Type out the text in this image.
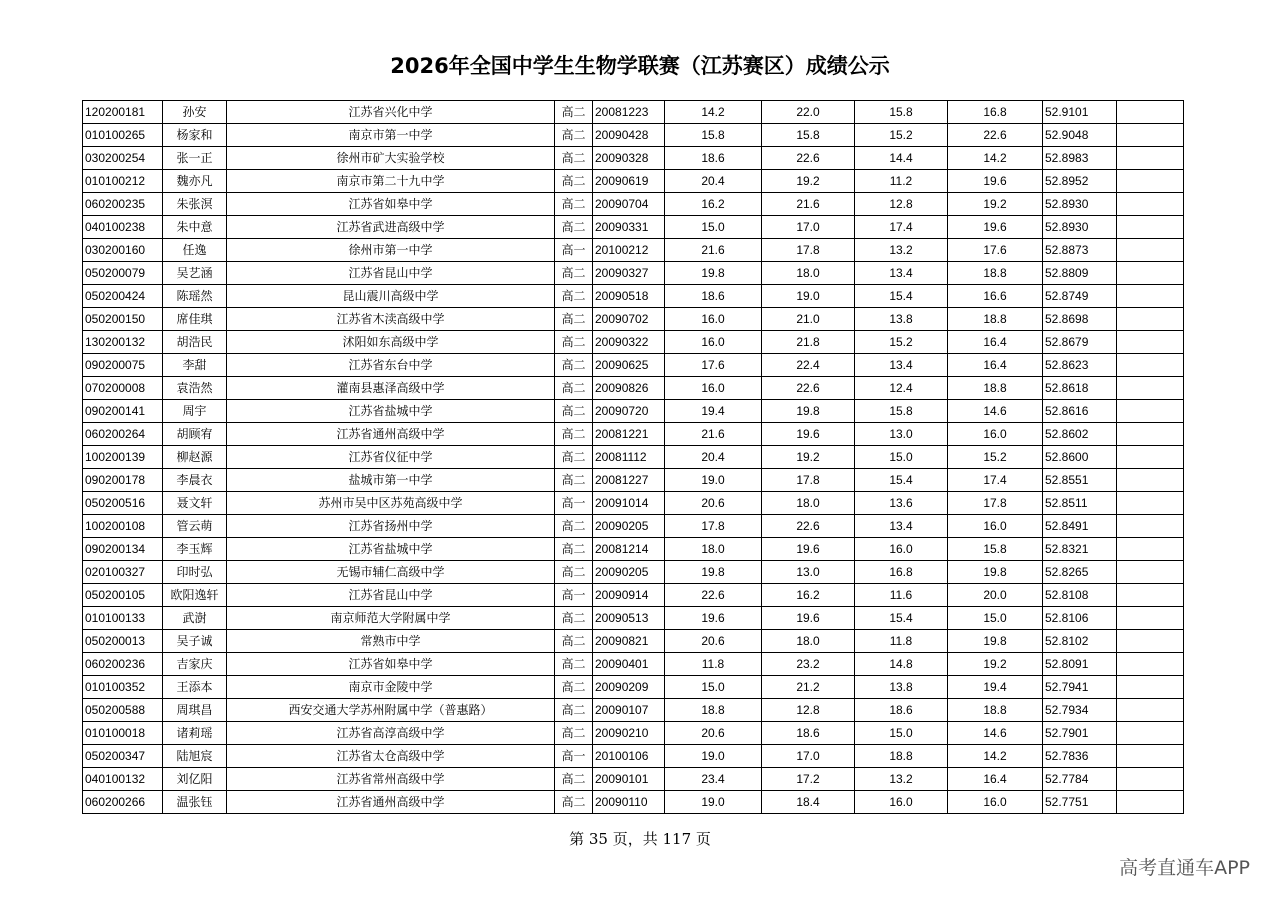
2026年全国中学生生物学联赛（江苏赛区）成绩公示
120200181	孙安	江苏省兴化中学	高二	20081223	14.2	22.0	15.8	16.8	52.9101	
010100265	杨家和	南京市第一中学	高二	20090428	15.8	15.8	15.2	22.6	52.9048	
030200254	张一正	徐州市矿大实验学校	高二	20090328	18.6	22.6	14.4	14.2	52.8983	
010100212	魏亦凡	南京市第二十九中学	高二	20090619	20.4	19.2	11.2	19.6	52.8952	
060200235	朱张溟	江苏省如皋中学	高二	20090704	16.2	21.6	12.8	19.2	52.8930	
040100238	朱中意	江苏省武进高级中学	高二	20090331	15.0	17.0	17.4	19.6	52.8930	
030200160	任逸	徐州市第一中学	高一	20100212	21.6	17.8	13.2	17.6	52.8873	
050200079	吴艺涵	江苏省昆山中学	高二	20090327	19.8	18.0	13.4	18.8	52.8809	
050200424	陈瑶然	昆山震川高级中学	高二	20090518	18.6	19.0	15.4	16.6	52.8749	
050200150	席佳琪	江苏省木渎高级中学	高二	20090702	16.0	21.0	13.8	18.8	52.8698	
130200132	胡浩民	沭阳如东高级中学	高二	20090322	16.0	21.8	15.2	16.4	52.8679	
090200075	李甜	江苏省东台中学	高二	20090625	17.6	22.4	13.4	16.4	52.8623	
070200008	袁浩然	灌南县惠泽高级中学	高二	20090826	16.0	22.6	12.4	18.8	52.8618	
090200141	周宇	江苏省盐城中学	高二	20090720	19.4	19.8	15.8	14.6	52.8616	
060200264	胡顾宥	江苏省通州高级中学	高二	20081221	21.6	19.6	13.0	16.0	52.8602	
100200139	柳赵源	江苏省仪征中学	高二	20081112	20.4	19.2	15.0	15.2	52.8600	
090200178	李晨衣	盐城市第一中学	高二	20081227	19.0	17.8	15.4	17.4	52.8551	
050200516	聂文轩	苏州市吴中区苏苑高级中学	高一	20091014	20.6	18.0	13.6	17.8	52.8511	
100200108	管云萌	江苏省扬州中学	高二	20090205	17.8	22.6	13.4	16.0	52.8491	
090200134	李玉辉	江苏省盐城中学	高二	20081214	18.0	19.6	16.0	15.8	52.8321	
020100327	印时弘	无锡市辅仁高级中学	高二	20090205	19.8	13.0	16.8	19.8	52.8265	
050200105	欧阳逸轩	江苏省昆山中学	高一	20090914	22.6	16.2	11.6	20.0	52.8108	
010100133	武澍	南京师范大学附属中学	高二	20090513	19.6	19.6	15.4	15.0	52.8106	
050200013	吴子诚	常熟市中学	高二	20090821	20.6	18.0	11.8	19.8	52.8102	
060200236	吉家庆	江苏省如皋中学	高二	20090401	11.8	23.2	14.8	19.2	52.8091	
010100352	王添本	南京市金陵中学	高二	20090209	15.0	21.2	13.8	19.4	52.7941	
050200588	周琪昌	西安交通大学苏州附属中学（普惠路）	高二	20090107	18.8	12.8	18.6	18.8	52.7934	
010100018	诸莉瑶	江苏省高淳高级中学	高二	20090210	20.6	18.6	15.0	14.6	52.7901	
050200347	陆旭宸	江苏省太仓高级中学	高一	20100106	19.0	17.0	18.8	14.2	52.7836	
040100132	刘亿阳	江苏省常州高级中学	高二	20090101	23.4	17.2	13.2	16.4	52.7784	
060200266	温张钰	江苏省通州高级中学	高二	20090110	19.0	18.4	16.0	16.0	52.7751	
第 35 页，共 117 页
高考直通车APP
